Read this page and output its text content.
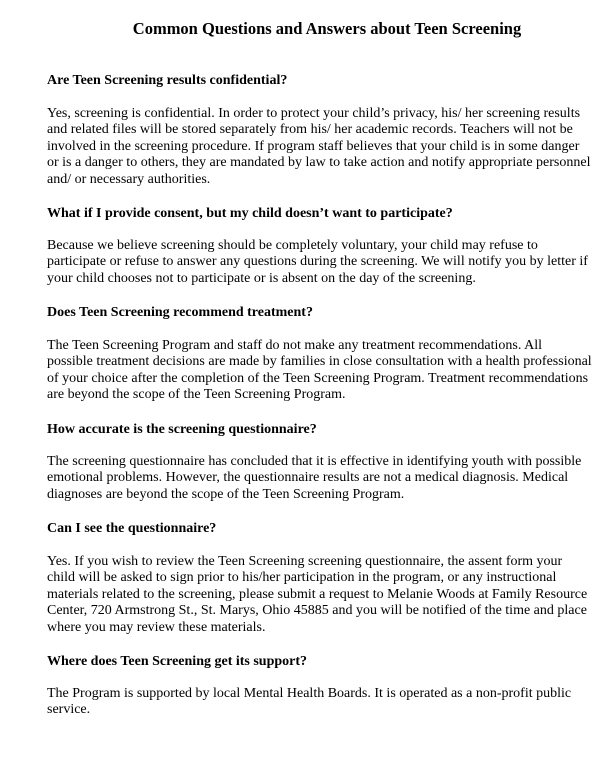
Common Questions and Answers about Teen Screening
Are Teen Screening results confidential?
Yes, screening is confidential. In order to protect your child’s privacy, his/ her screening results
and related files will be stored separately from his/ her academic records. Teachers will not be
involved in the screening procedure. If program staff believes that your child is in some danger
or is a danger to others, they are mandated by law to take action and notify appropriate personnel
and/ or necessary authorities.
What if I provide consent, but my child doesn’t want to participate?
Because we believe screening should be completely voluntary, your child may refuse to
participate or refuse to answer any questions during the screening. We will notify you by letter if
your child chooses not to participate or is absent on the day of the screening.
Does Teen Screening recommend treatment?
The Teen Screening Program and staff do not make any treatment recommendations. All
possible treatment decisions are made by families in close consultation with a health professional
of your choice after the completion of the Teen Screening Program. Treatment recommendations
are beyond the scope of the Teen Screening Program.
How accurate is the screening questionnaire?
The screening questionnaire has concluded that it is effective in identifying youth with possible
emotional problems. However, the questionnaire results are not a medical diagnosis. Medical
diagnoses are beyond the scope of the Teen Screening Program.
Can I see the questionnaire?
Yes. If you wish to review the Teen Screening screening questionnaire, the assent form your
child will be asked to sign prior to his/her participation in the program, or any instructional
materials related to the screening, please submit a request to Melanie Woods at Family Resource
Center, 720 Armstrong St., St. Marys, Ohio 45885 and you will be notified of the time and place
where you may review these materials.
Where does Teen Screening get its support?
The Program is supported by local Mental Health Boards. It is operated as a non-profit public
service.
